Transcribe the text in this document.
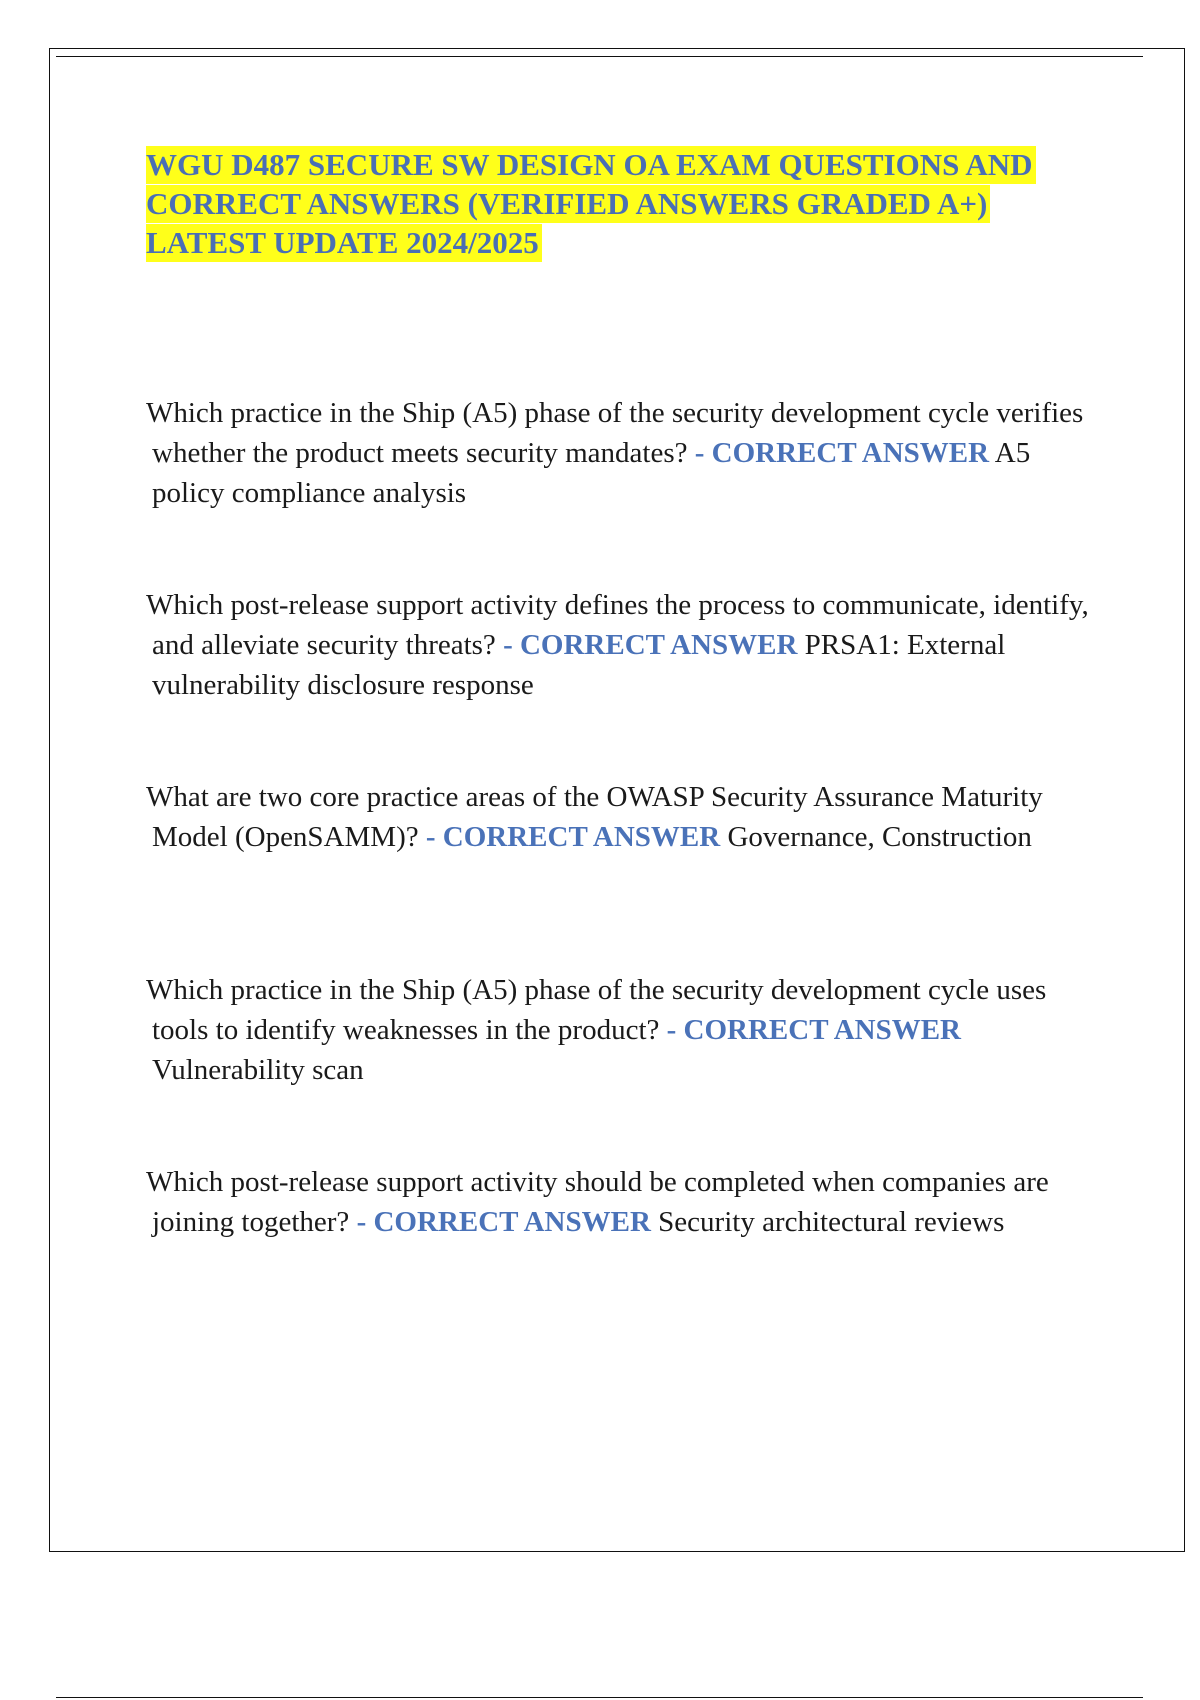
WGU D487 SECURE SW DESIGN OA EXAM QUESTIONS AND
CORRECT ANSWERS (VERIFIED ANSWERS GRADED A+)
LATEST UPDATE 2024/2025

Which practice in the Ship (A5) phase of the security development cycle verifies whether the product meets security mandates? - CORRECT ANSWER A5 policy compliance analysis

Which post-release support activity defines the process to communicate, identify, and alleviate security threats? - CORRECT ANSWER PRSA1: External vulnerability disclosure response

What are two core practice areas of the OWASP Security Assurance Maturity Model (OpenSAMM)? - CORRECT ANSWER Governance, Construction

Which practice in the Ship (A5) phase of the security development cycle uses tools to identify weaknesses in the product? - CORRECT ANSWER Vulnerability scan

Which post-release support activity should be completed when companies are joining together? - CORRECT ANSWER Security architectural reviews
